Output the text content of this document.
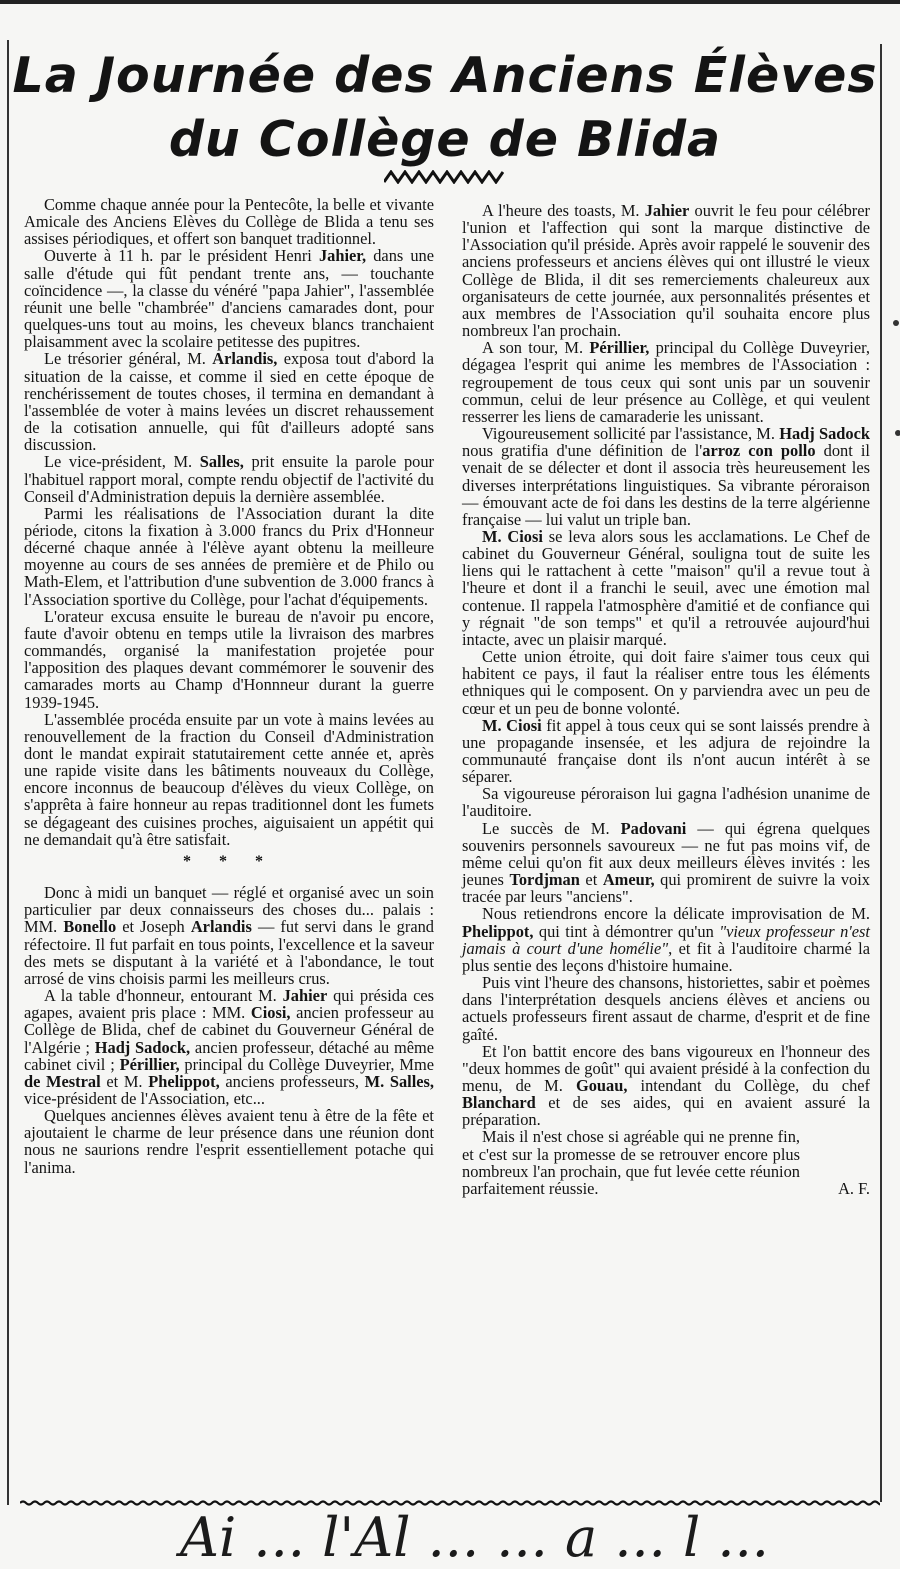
La Journée des Anciens Élèves
du Collège de Blida

Comme chaque année pour la Pentecôte, la belle et vivante Amicale des Anciens Elèves du Collège de Blida a tenu ses assises périodiques, et offert son banquet traditionnel.

Ouverte à 11 h. par le président Henri Jahier, dans une salle d'étude qui fût pendant trente ans, — touchante coïncidence —, la classe du vénéré "papa Jahier", l'assemblée réunit une belle "chambrée" d'anciens camarades dont, pour quelques-uns tout au moins, les cheveux blancs tranchaient plaisamment avec la scolaire petitesse des pupitres.

Le trésorier général, M. Arlandis, exposa tout d'abord la situation de la caisse, et comme il sied en cette époque de renchérissement de toutes choses, il termina en demandant à l'assemblée de voter à mains levées un discret rehaussement de la cotisation annuelle, qui fût d'ailleurs adopté sans discussion.

Le vice-président, M. Salles, prit ensuite la parole pour l'habituel rapport moral, compte rendu objectif de l'activité du Conseil d'Administration depuis la dernière assemblée.

Parmi les réalisations de l'Association durant la dite période, citons la fixation à 3.000 francs du Prix d'Honneur décerné chaque année à l'élève ayant obtenu la meilleure moyenne au cours de ses années de première et de Philo ou Math-Elem, et l'attribution d'une subvention de 3.000 francs à l'Association sportive du Collège, pour l'achat d'équipements.

L'orateur excusa ensuite le bureau de n'avoir pu encore, faute d'avoir obtenu en temps utile la livraison des marbres commandés, organisé la manifestation projetée pour l'apposition des plaques devant commémorer le souvenir des camarades morts au Champ d'Honnneur durant la guerre 1939-1945.

L'assemblée procéda ensuite par un vote à mains levées au renouvellement de la fraction du Conseil d'Administration dont le mandat expirait statutairement cette année et, après une rapide visite dans les bâtiments nouveaux du Collège, encore inconnus de beaucoup d'élèves du vieux Collège, on s'apprêta à faire honneur au repas traditionnel dont les fumets se dégageant des cuisines proches, aiguisaient un appétit qui ne demandait qu'à être satisfait.

* * *

Donc à midi un banquet — réglé et organisé avec un soin particulier par deux connaisseurs des choses du... palais : MM. Bonello et Joseph Arlandis — fut servi dans le grand réfectoire. Il fut parfait en tous points, l'excellence et la saveur des mets se disputant à la variété et à l'abondance, le tout arrosé de vins choisis parmi les meilleurs crus.

A la table d'honneur, entourant M. Jahier qui présida ces agapes, avaient pris place : MM. Ciosi, ancien professeur au Collège de Blida, chef de cabinet du Gouverneur Général de l'Algérie ; Hadj Sadock, ancien professeur, détaché au même cabinet civil ; Périllier, principal du Collège Duveyrier, Mme de Mestral et M. Phelippot, anciens professeurs, M. Salles, vice-président de l'Association, etc...

Quelques anciennes élèves avaient tenu à être de la fête et ajoutaient le charme de leur présence dans une réunion dont nous ne saurions rendre l'esprit essentiellement potache qui l'anima.

A l'heure des toasts, M. Jahier ouvrit le feu pour célébrer l'union et l'affection qui sont la marque distinctive de l'Association qu'il préside. Après avoir rappelé le souvenir des anciens professeurs et anciens élèves qui ont illustré le vieux Collège de Blida, il dit ses remerciements chaleureux aux organisateurs de cette journée, aux personnalités présentes et aux membres de l'Association qu'il souhaita encore plus nombreux l'an prochain.

A son tour, M. Périllier, principal du Collège Duveyrier, dégagea l'esprit qui anime les membres de l'Association : regroupement de tous ceux qui sont unis par un souvenir commun, celui de leur présence au Collège, et qui veulent resserrer les liens de camaraderie les unissant.

Vigoureusement sollicité par l'assistance, M. Hadj Sadock nous gratifia d'une définition de l'arroz con pollo dont il venait de se délecter et dont il associa très heureusement les diverses interprétations linguistiques. Sa vibrante péroraison — émouvant acte de foi dans les destins de la terre algérienne française — lui valut un triple ban.

M. Ciosi se leva alors sous les acclamations. Le Chef de cabinet du Gouverneur Général, souligna tout de suite les liens qui le rattachent à cette "maison" qu'il a revue tout à l'heure et dont il a franchi le seuil, avec une émotion mal contenue. Il rappela l'atmosphère d'amitié et de confiance qui y régnait "de son temps" et qu'il a retrouvée aujourd'hui intacte, avec un plaisir marqué.

Cette union étroite, qui doit faire s'aimer tous ceux qui habitent ce pays, il faut la réaliser entre tous les éléments ethniques qui le composent. On y parviendra avec un peu de cœur et un peu de bonne volonté.

M. Ciosi fit appel à tous ceux qui se sont laissés prendre à une propagande insensée, et les adjura de rejoindre la communauté française dont ils n'ont aucun intérêt à se séparer.

Sa vigoureuse péroraison lui gagna l'adhésion unanime de l'auditoire.

Le succès de M. Padovani — qui égrena quelques souvenirs personnels savoureux — ne fut pas moins vif, de même celui qu'on fit aux deux meilleurs élèves invités : les jeunes Tordjman et Ameur, qui promirent de suivre la voix tracée par leurs "anciens".

Nous retiendrons encore la délicate improvisation de M. Phelippot, qui tint à démontrer qu'un "vieux professeur n'est jamais à court d'une homélie", et fit à l'auditoire charmé la plus sentie des leçons d'histoire humaine.

Puis vint l'heure des chansons, historiettes, sabir et poèmes dans l'interprétation desquels anciens élèves et anciens ou actuels professeurs firent assaut de charme, d'esprit et de fine gaîté.

Et l'on battit encore des bans vigoureux en l'honneur des "deux hommes de goût" qui avaient présidé à la confection du menu, de M. Gouau, intendant du Collège, du chef Blanchard et de ses aides, qui en avaient assuré la préparation.

Mais il n'est chose si agréable qui ne prenne fin, et c'est sur la promesse de se retrouver encore plus nombreux l'an prochain, que fut levée cette réunion parfaitement réussie.	A. F.
Ai ... l'Al ... ... a ... l ...
